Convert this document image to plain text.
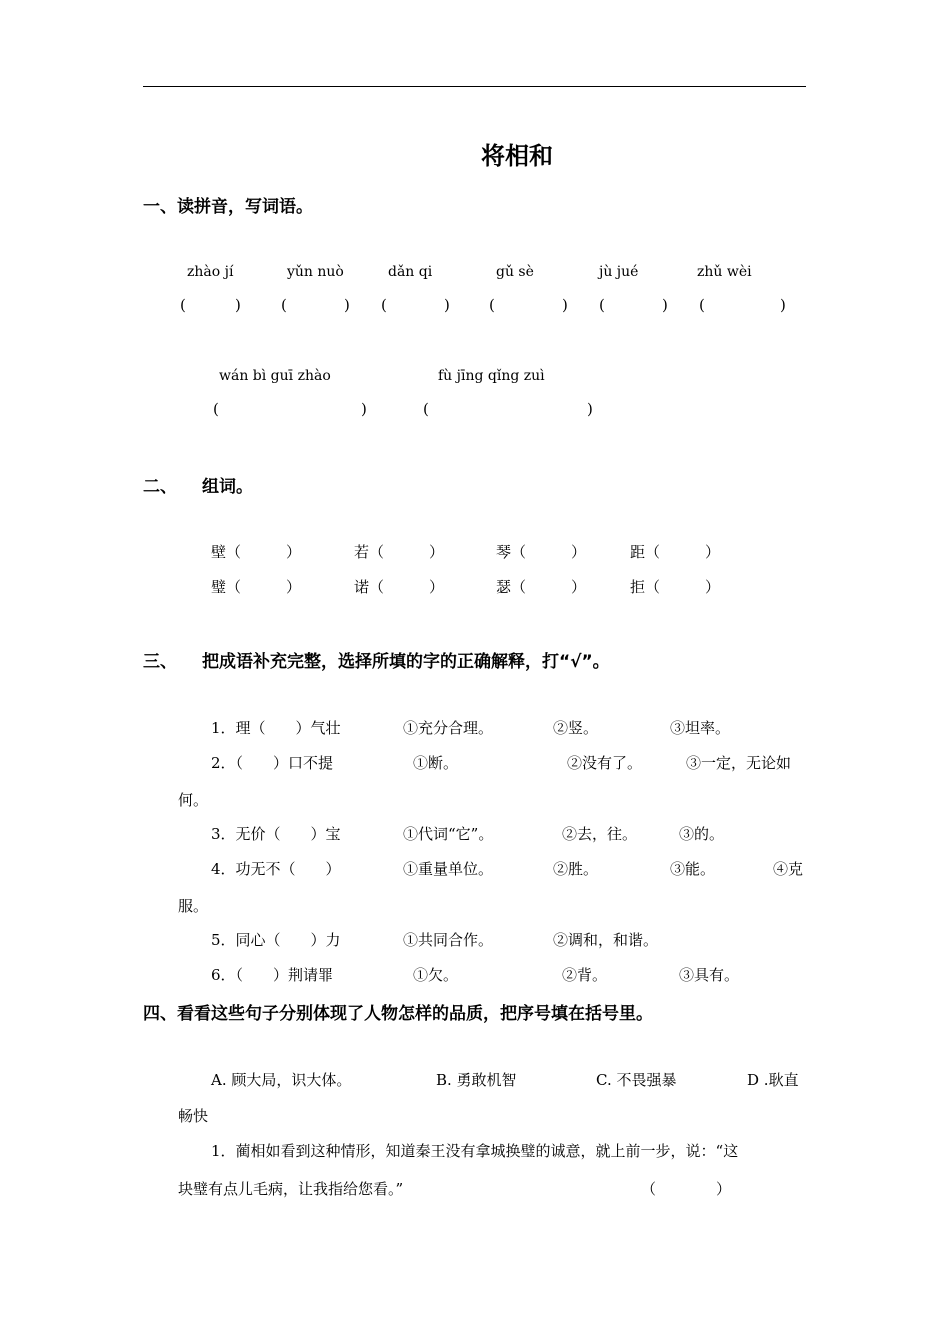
将相和
一、读拼音，写词语。
zhào jí	yǔn nuò	dǎn qi	gǔ sè	jù jué	zhǔ wèi
(	)	(	) (	)	(	) (	) (	)
wán bì guī zhào	fù jīng qǐng zuì
(	)	(	)
二、 组词。
壁（　　　）	若（　　　）	琴（　　　）	距（　　　）
璧（　　　）	诺（　　　）	瑟（　　　）	拒（　　　）
三、 把成语补充完整，选择所填的字的正确解释，打“√”。
1．理（　　）气壮	①充分合理。	②竖。	③坦率。
2．（　　）口不提	①断。	②没有了。	③一定，无论如
何。
3．无价（　　）宝	①代词“它”。	②去，往。	③的。
4．功无不（　　）	①重量单位。	②胜。	③能。	④克
服。
5．同心（　　）力	①共同合作。	②调和，和谐。
6．（　　）荆请罪	①欠。	②背。	③具有。
四、看看这些句子分别体现了人物怎样的品质，把序号填在括号里。
A. 顾大局，识大体。	B. 勇敢机智	C. 不畏强暴	D .耿直
畅快
1．蔺相如看到这种情形，知道秦王没有拿城换璧的诚意，就上前一步，说：“这
块璧有点儿毛病，让我指给您看。”	（　　　　）
